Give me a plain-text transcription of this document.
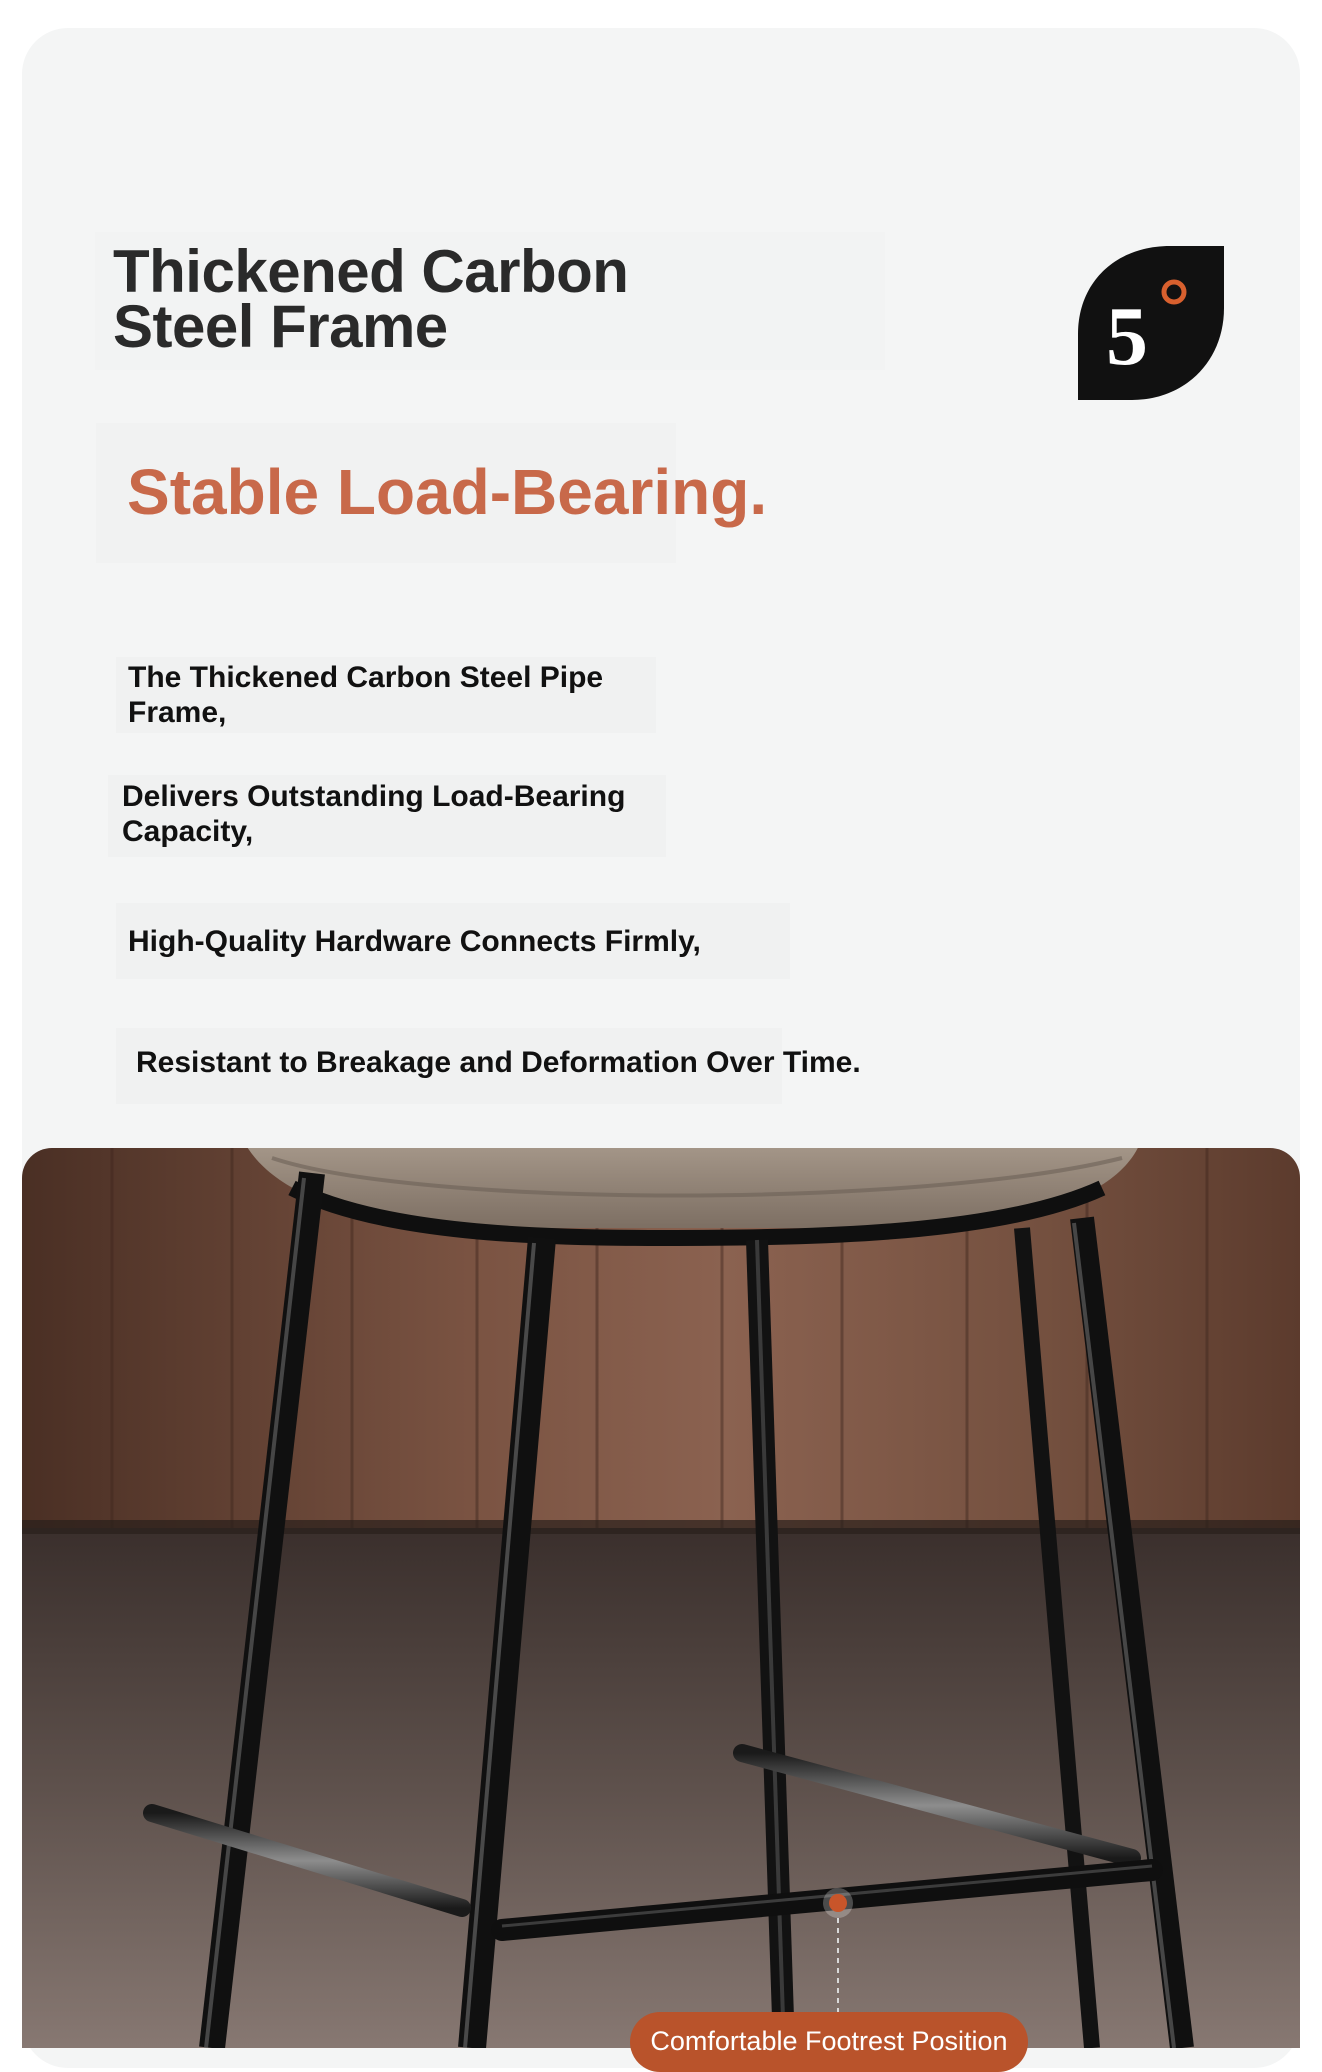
Thickened Carbon
Steel Frame	5
Stable Load-Bearing.

The Thickened Carbon Steel Pipe
Frame,

Delivers Outstanding Load-Bearing
Capacity,

High-Quality Hardware Connects Firmly,

Resistant to Breakage and Deformation Over Time.

Comfortable Footrest Position
